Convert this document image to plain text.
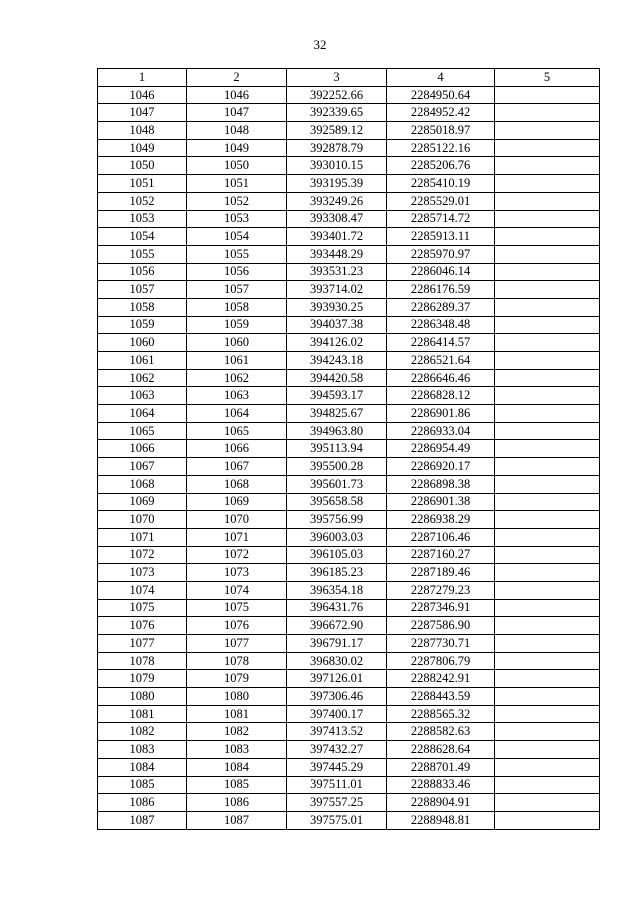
32
1	2	3	4	5
1046	1046	392252.66	2284950.64	
1047	1047	392339.65	2284952.42	
1048	1048	392589.12	2285018.97	
1049	1049	392878.79	2285122.16	
1050	1050	393010.15	2285206.76	
1051	1051	393195.39	2285410.19	
1052	1052	393249.26	2285529.01	
1053	1053	393308.47	2285714.72	
1054	1054	393401.72	2285913.11	
1055	1055	393448.29	2285970.97	
1056	1056	393531.23	2286046.14	
1057	1057	393714.02	2286176.59	
1058	1058	393930.25	2286289.37	
1059	1059	394037.38	2286348.48	
1060	1060	394126.02	2286414.57	
1061	1061	394243.18	2286521.64	
1062	1062	394420.58	2286646.46	
1063	1063	394593.17	2286828.12	
1064	1064	394825.67	2286901.86	
1065	1065	394963.80	2286933.04	
1066	1066	395113.94	2286954.49	
1067	1067	395500.28	2286920.17	
1068	1068	395601.73	2286898.38	
1069	1069	395658.58	2286901.38	
1070	1070	395756.99	2286938.29	
1071	1071	396003.03	2287106.46	
1072	1072	396105.03	2287160.27	
1073	1073	396185.23	2287189.46	
1074	1074	396354.18	2287279.23	
1075	1075	396431.76	2287346.91	
1076	1076	396672.90	2287586.90	
1077	1077	396791.17	2287730.71	
1078	1078	396830.02	2287806.79	
1079	1079	397126.01	2288242.91	
1080	1080	397306.46	2288443.59	
1081	1081	397400.17	2288565.32	
1082	1082	397413.52	2288582.63	
1083	1083	397432.27	2288628.64	
1084	1084	397445.29	2288701.49	
1085	1085	397511.01	2288833.46	
1086	1086	397557.25	2288904.91	
1087	1087	397575.01	2288948.81	
